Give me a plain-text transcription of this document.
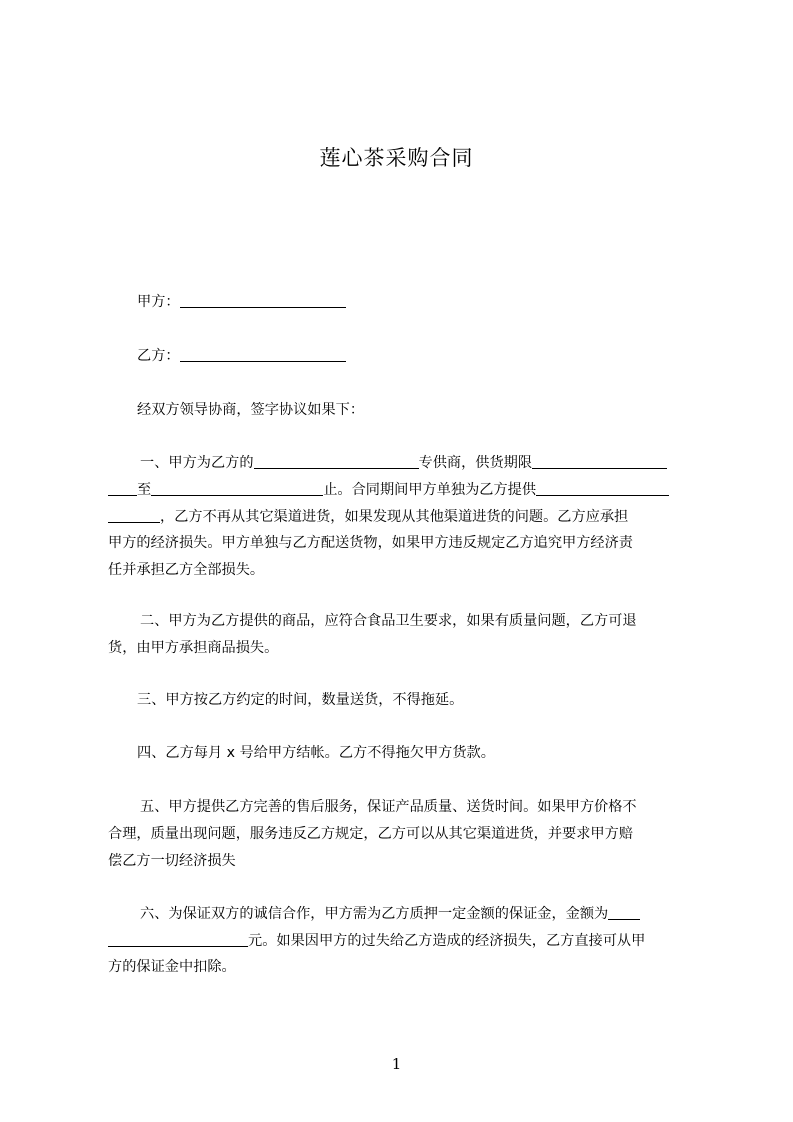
莲心茶采购合同
甲方：
乙方：
经双方领导协商，签字协议如果下：
一、甲方为乙方的	专供商，供货期限
至	止。合同期间甲方单独为乙方提供
，乙方不再从其它渠道进货，如果发现从其他渠道进货的问题。乙方应承担
甲方的经济损失。甲方单独与乙方配送货物，如果甲方违反规定乙方追究甲方经济责
任并承担乙方全部损失。
二、甲方为乙方提供的商品，应符合食品卫生要求，如果有质量问题，乙方可退
货，由甲方承担商品损失。
三、甲方按乙方约定的时间，数量送货，不得拖延。
四、乙方每月 x 号给甲方结帐。乙方不得拖欠甲方货款。
五、甲方提供乙方完善的售后服务，保证产品质量、送货时间。如果甲方价格不
合理，质量出现问题，服务违反乙方规定，乙方可以从其它渠道进货，并要求甲方赔
偿乙方一切经济损失
六、为保证双方的诚信合作，甲方需为乙方质押一定金额的保证金，金额为
元。如果因甲方的过失给乙方造成的经济损失，乙方直接可从甲
方的保证金中扣除。
1
